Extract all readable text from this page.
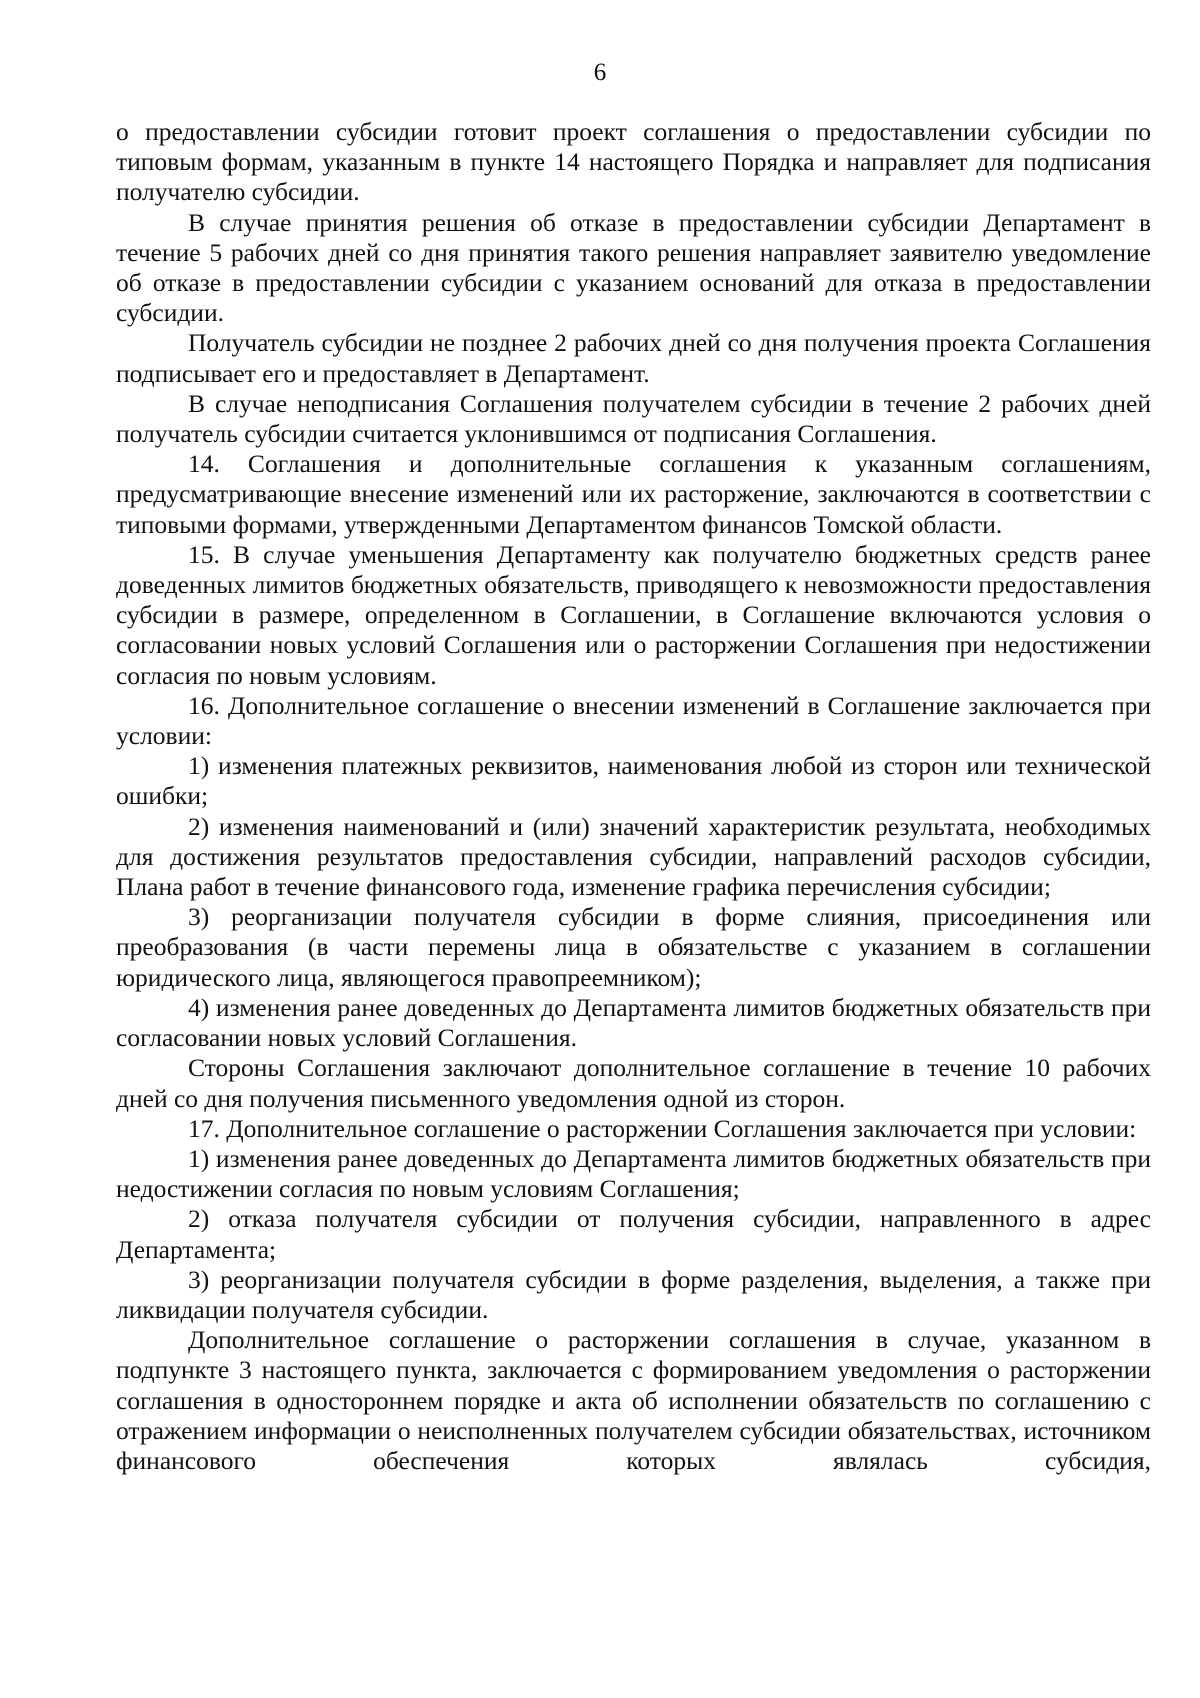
6

о предоставлении субсидии готовит проект соглашения о предоставлении субсидии по типовым формам, указанным в пункте 14 настоящего Порядка и направляет для подписания получателю субсидии.

В случае принятия решения об отказе в предоставлении субсидии Департамент в течение 5 рабочих дней со дня принятия такого решения направляет заявителю уведомление об отказе в предоставлении субсидии с указанием оснований для отказа в предоставлении субсидии.

Получатель субсидии не позднее 2 рабочих дней со дня получения проекта Соглашения подписывает его и предоставляет в Департамент.

В случае неподписания Соглашения получателем субсидии в течение 2 рабочих дней получатель субсидии считается уклонившимся от подписания Соглашения.

14. Соглашения и дополнительные соглашения к указанным соглашениям, предусматривающие внесение изменений или их расторжение, заключаются в соответствии с типовыми формами, утвержденными Департаментом финансов Томской области.

15. В случае уменьшения Департаменту как получателю бюджетных средств ранее доведенных лимитов бюджетных обязательств, приводящего к невозможности предоставления субсидии в размере, определенном в Соглашении, в Соглашение включаются условия о согласовании новых условий Соглашения или о расторжении Соглашения при недостижении согласия по новым условиям.

16. Дополнительное соглашение о внесении изменений в Соглашение заключается при условии:

1) изменения платежных реквизитов, наименования любой из сторон или технической ошибки;

2) изменения наименований и (или) значений характеристик результата, необходимых для достижения результатов предоставления субсидии, направлений расходов субсидии, Плана работ в течение финансового года, изменение графика перечисления субсидии;

3) реорганизации получателя субсидии в форме слияния, присоединения или преобразования (в части перемены лица в обязательстве с указанием в соглашении юридического лица, являющегося правопреемником);

4) изменения ранее доведенных до Департамента лимитов бюджетных обязательств при согласовании новых условий Соглашения.

Стороны Соглашения заключают дополнительное соглашение в течение 10 рабочих дней со дня получения письменного уведомления одной из сторон.

17. Дополнительное соглашение о расторжении Соглашения заключается при условии:

1) изменения ранее доведенных до Департамента лимитов бюджетных обязательств при недостижении согласия по новым условиям Соглашения;

2) отказа получателя субсидии от получения субсидии, направленного в адрес Департамента;

3) реорганизации получателя субсидии в форме разделения, выделения, а также при ликвидации получателя субсидии.

Дополнительное соглашение о расторжении соглашения в случае, указанном в подпункте 3 настоящего пункта, заключается с формированием уведомления о расторжении соглашения в одностороннем порядке и акта об исполнении обязательств по соглашению с отражением информации о неисполненных получателем субсидии обязательствах, источником финансового обеспечения которых являлась субсидия,
